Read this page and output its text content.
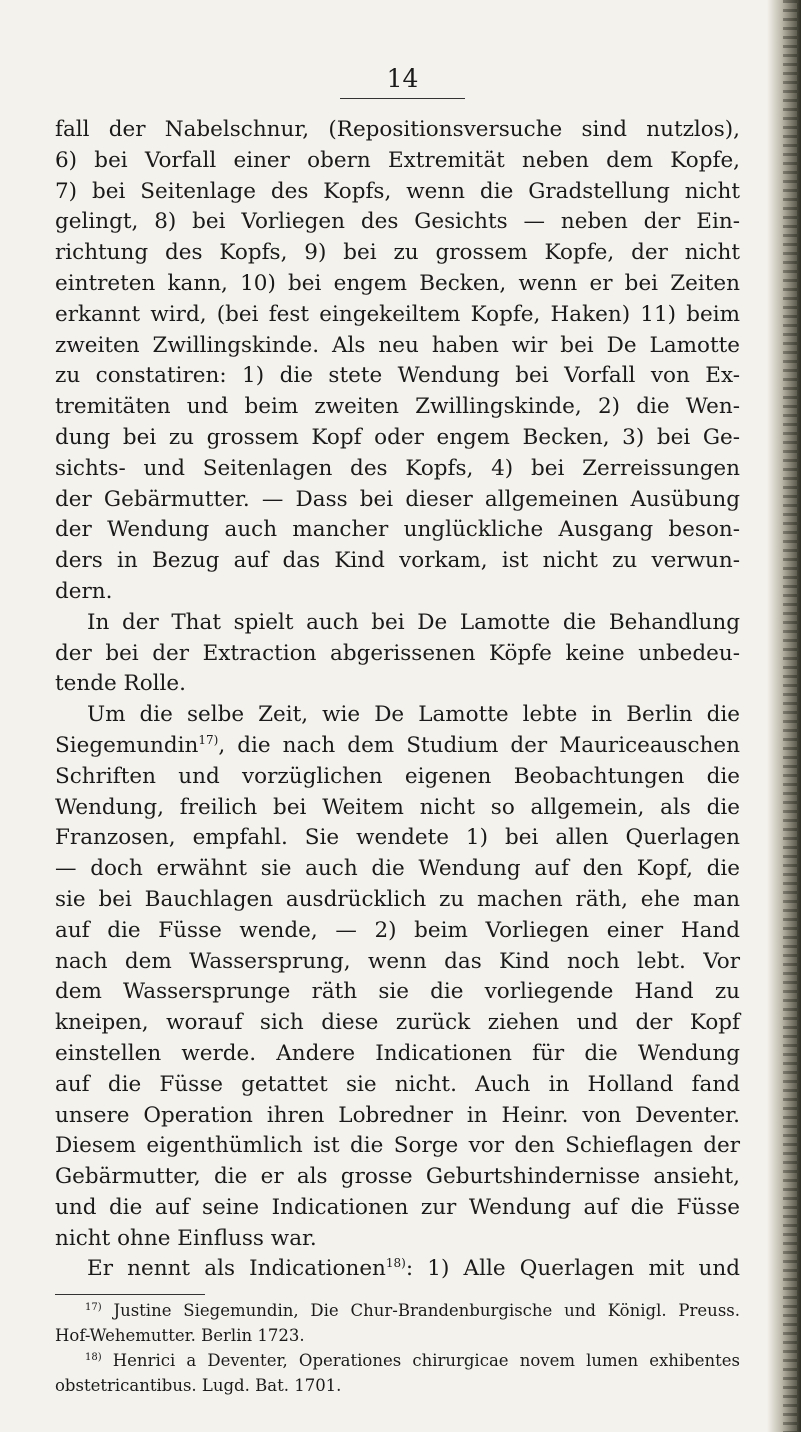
14
fall der Nabelschnur, (Repositionsversuche sind nutzlos),
6) bei Vorfall einer obern Extremität neben dem Kopfe,
7) bei Seitenlage des Kopfs, wenn die Gradstellung nicht
gelingt, 8) bei Vorliegen des Gesichts — neben der Ein-
richtung des Kopfs, 9) bei zu grossem Kopfe, der nicht
eintreten kann, 10) bei engem Becken, wenn er bei Zeiten
erkannt wird, (bei fest eingekeiltem Kopfe, Haken) 11) beim
zweiten Zwillingskinde. Als neu haben wir bei De Lamotte
zu constatiren: 1) die stete Wendung bei Vorfall von Ex-
tremitäten und beim zweiten Zwillingskinde, 2) die Wen-
dung bei zu grossem Kopf oder engem Becken, 3) bei Ge-
sichts- und Seitenlagen des Kopfs, 4) bei Zerreissungen
der Gebärmutter. — Dass bei dieser allgemeinen Ausübung
der Wendung auch mancher unglückliche Ausgang beson-
ders in Bezug auf das Kind vorkam, ist nicht zu verwun-
dern.
In der That spielt auch bei De Lamotte die Behandlung
der bei der Extraction abgerissenen Köpfe keine unbedeu-
tende Rolle.
Um die selbe Zeit, wie De Lamotte lebte in Berlin die
Siegemundin$^{17)}$, die nach dem Studium der Mauriceauschen
Schriften und vorzüglichen eigenen Beobachtungen die
Wendung, freilich bei Weitem nicht so allgemein, als die
Franzosen, empfahl. Sie wendete 1) bei allen Querlagen
— doch erwähnt sie auch die Wendung auf den Kopf, die
sie bei Bauchlagen ausdrücklich zu machen räth, ehe man
auf die Füsse wende, — 2) beim Vorliegen einer Hand
nach dem Wassersprung, wenn das Kind noch lebt. Vor
dem Wassersprunge räth sie die vorliegende Hand zu
kneipen, worauf sich diese zurück ziehen und der Kopf
einstellen werde. Andere Indicationen für die Wendung
auf die Füsse getattet sie nicht. Auch in Holland fand
unsere Operation ihren Lobredner in Heinr. von Deventer.
Diesem eigenthümlich ist die Sorge vor den Schieflagen der
Gebärmutter, die er als grosse Geburtshindernisse ansieht,
und die auf seine Indicationen zur Wendung auf die Füsse
nicht ohne Einfluss war.
Er nennt als Indicationen$^{18)}$: 1) Alle Querlagen mit und
$^{17)}$ Justine Siegemundin, Die Chur-Brandenburgische und Königl. Preuss.
Hof-Wehemutter. Berlin 1723.
$^{18)}$ Henrici a Deventer, Operationes chirurgicae novem lumen exhibentes
obstetricantibus. Lugd. Bat. 1701.
